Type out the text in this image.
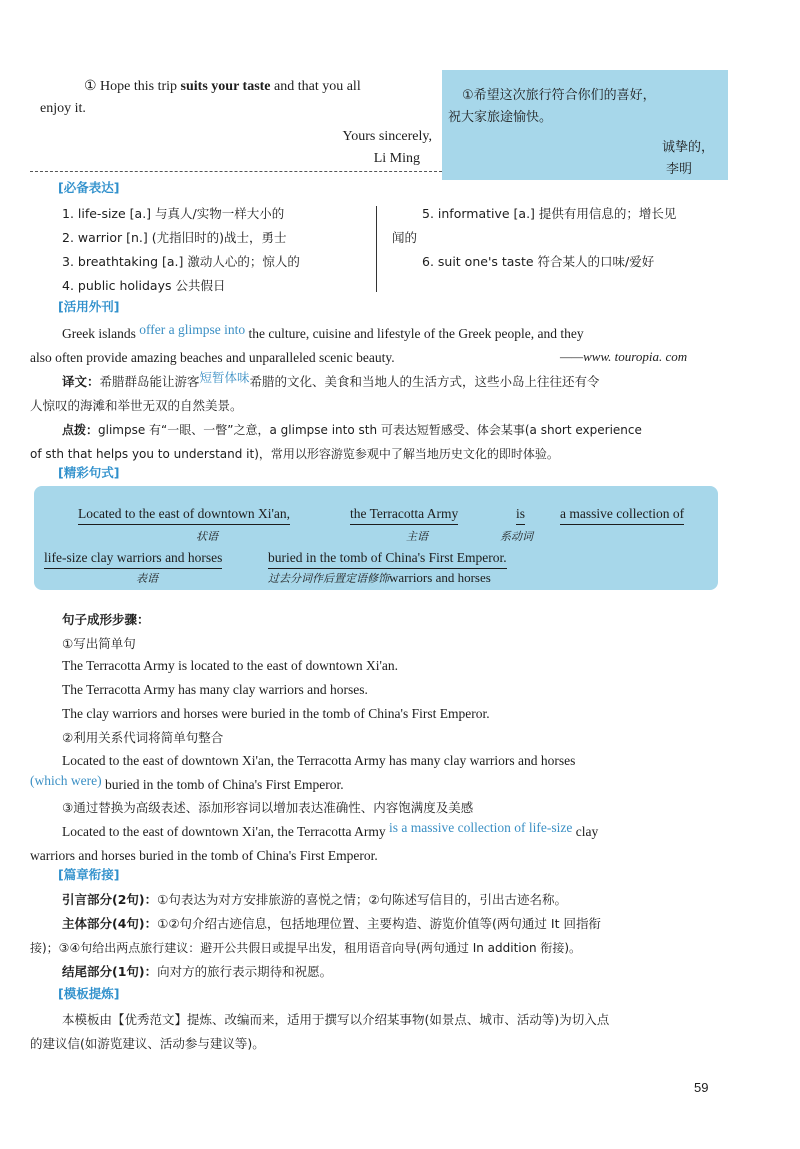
① Hope this trip suits your taste and that you all

enjoy it.
Yours sincerely,
Li Ming
①希望这次旅行符合你们的喜好，
祝大家旅途愉快。
诚挚的，
李明
[必备表达]
1. life-size [a.] 与真人/实物一样大小的
2. warrior [n.] (尤指旧时的)战士，勇士
3. breathtaking [a.] 激动人心的；惊人的
4. public holidays 公共假日
5. informative [a.] 提供有用信息的；增长见
闻的
6. suit one's taste 符合某人的口味/爱好
[活用外刊]
Greek islands offer a glimpse into the culture, cuisine and lifestyle of the Greek people, and they
also often provide amazing beaches and unparalleled scenic beauty.	——www. touropia. com
译文：希腊群岛能让游客短暂体味希腊的文化、美食和当地人的生活方式，这些小岛上往往还有令
人惊叹的海滩和举世无双的自然美景。
点拨：glimpse 有“一眼、一瞥”之意，a glimpse into sth 可表达短暂感受、体会某事(a short experience
of sth that helps you to understand it)，常用以形容游览参观中了解当地历史文化的即时体验。
[精彩句式]
Located to the east of downtown Xi'an,
状语
the Terracotta Army
主语
is
系动词
a massive collection of
life-size clay warriors and horses
表语
buried in the tomb of China's First Emperor.
过去分词作后置定语修饰warriors and horses
句子成形步骤：
①写出简单句
The Terracotta Army is located to the east of downtown Xi'an.
The Terracotta Army has many clay warriors and horses.
The clay warriors and horses were buried in the tomb of China's First Emperor.
②利用关系代词将简单句整合
Located to the east of downtown Xi'an, the Terracotta Army has many clay warriors and horses
(which were) buried in the tomb of China's First Emperor.
③通过替换为高级表述、添加形容词以增加表达准确性、内容饱满度及美感
Located to the east of downtown Xi'an, the Terracotta Army is a massive collection of life-size clay
warriors and horses buried in the tomb of China's First Emperor.
[篇章衔接]
引言部分(2句)：①句表达为对方安排旅游的喜悦之情；②句陈述写信目的，引出古迹名称。
主体部分(4句)：①②句介绍古迹信息，包括地理位置、主要构造、游览价值等(两句通过 It 回指衔
接)；③④句给出两点旅行建议：避开公共假日或提早出发，租用语音向导(两句通过 In addition 衔接)。
结尾部分(1句)：向对方的旅行表示期待和祝愿。
[模板提炼]
本模板由【优秀范文】提炼、改编而来，适用于撰写以介绍某事物(如景点、城市、活动等)为切入点
的建议信(如游览建议、活动参与建议等)。
59
